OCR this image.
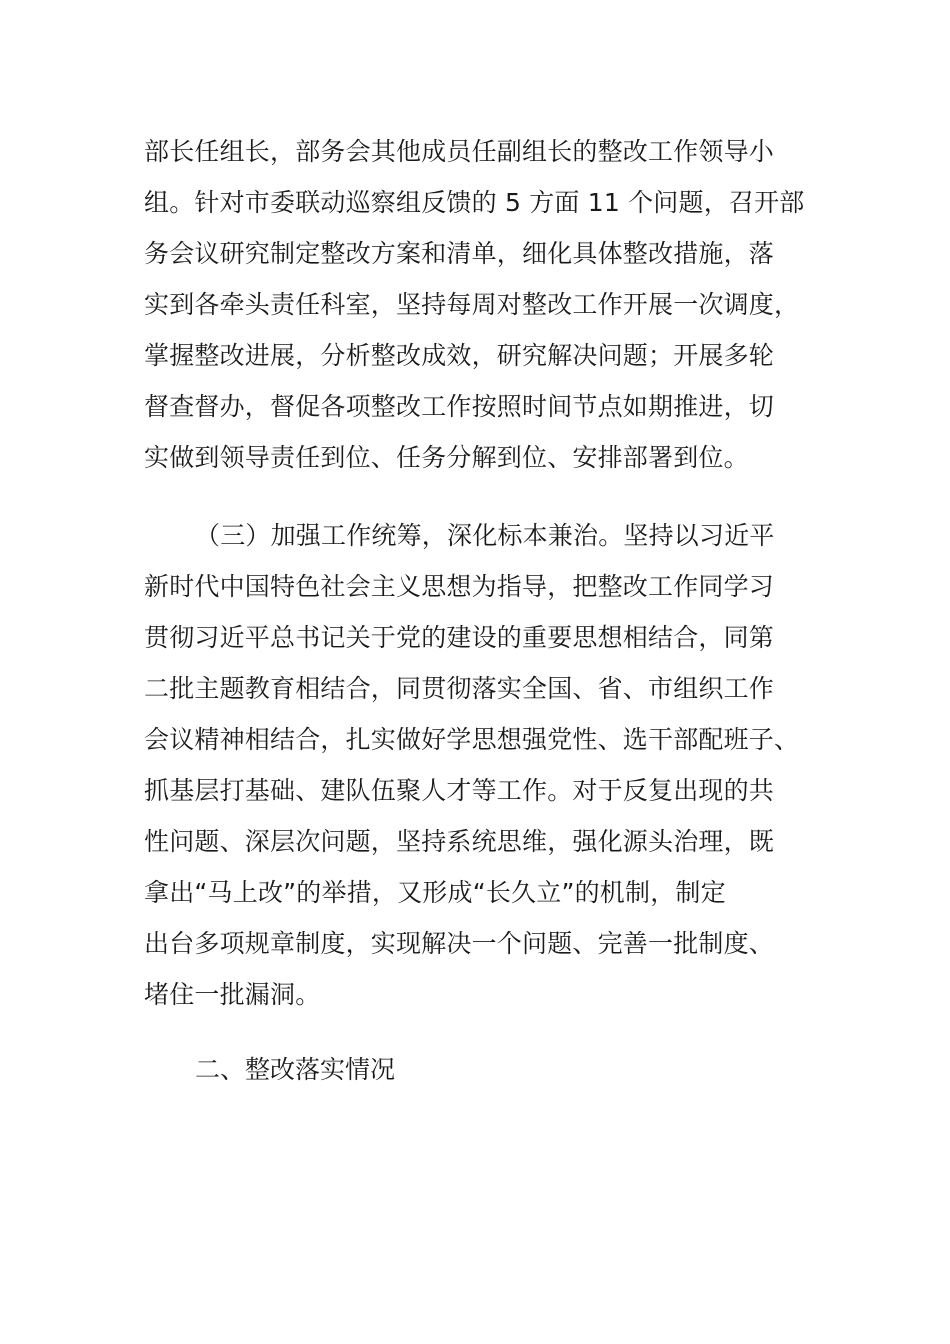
部长任组长，部务会其他成员任副组长的整改工作领导小
组。针对市委联动巡察组反馈的 5 方面 11 个问题，召开部
务会议研究制定整改方案和清单，细化具体整改措施，落
实到各牵头责任科室，坚持每周对整改工作开展一次调度，
掌握整改进展，分析整改成效，研究解决问题；开展多轮
督查督办，督促各项整改工作按照时间节点如期推进，切
实做到领导责任到位、任务分解到位、安排部署到位。
（三）加强工作统筹，深化标本兼治。坚持以习近平
新时代中国特色社会主义思想为指导，把整改工作同学习
贯彻习近平总书记关于党的建设的重要思想相结合，同第
二批主题教育相结合，同贯彻落实全国、省、市组织工作
会议精神相结合，扎实做好学思想强党性、选干部配班子、
抓基层打基础、建队伍聚人才等工作。对于反复出现的共
性问题、深层次问题，坚持系统思维，强化源头治理，既
拿出“马上改”的举措，又形成“长久立”的机制，制定
出台多项规章制度，实现解决一个问题、完善一批制度、
堵住一批漏洞。
二、整改落实情况
